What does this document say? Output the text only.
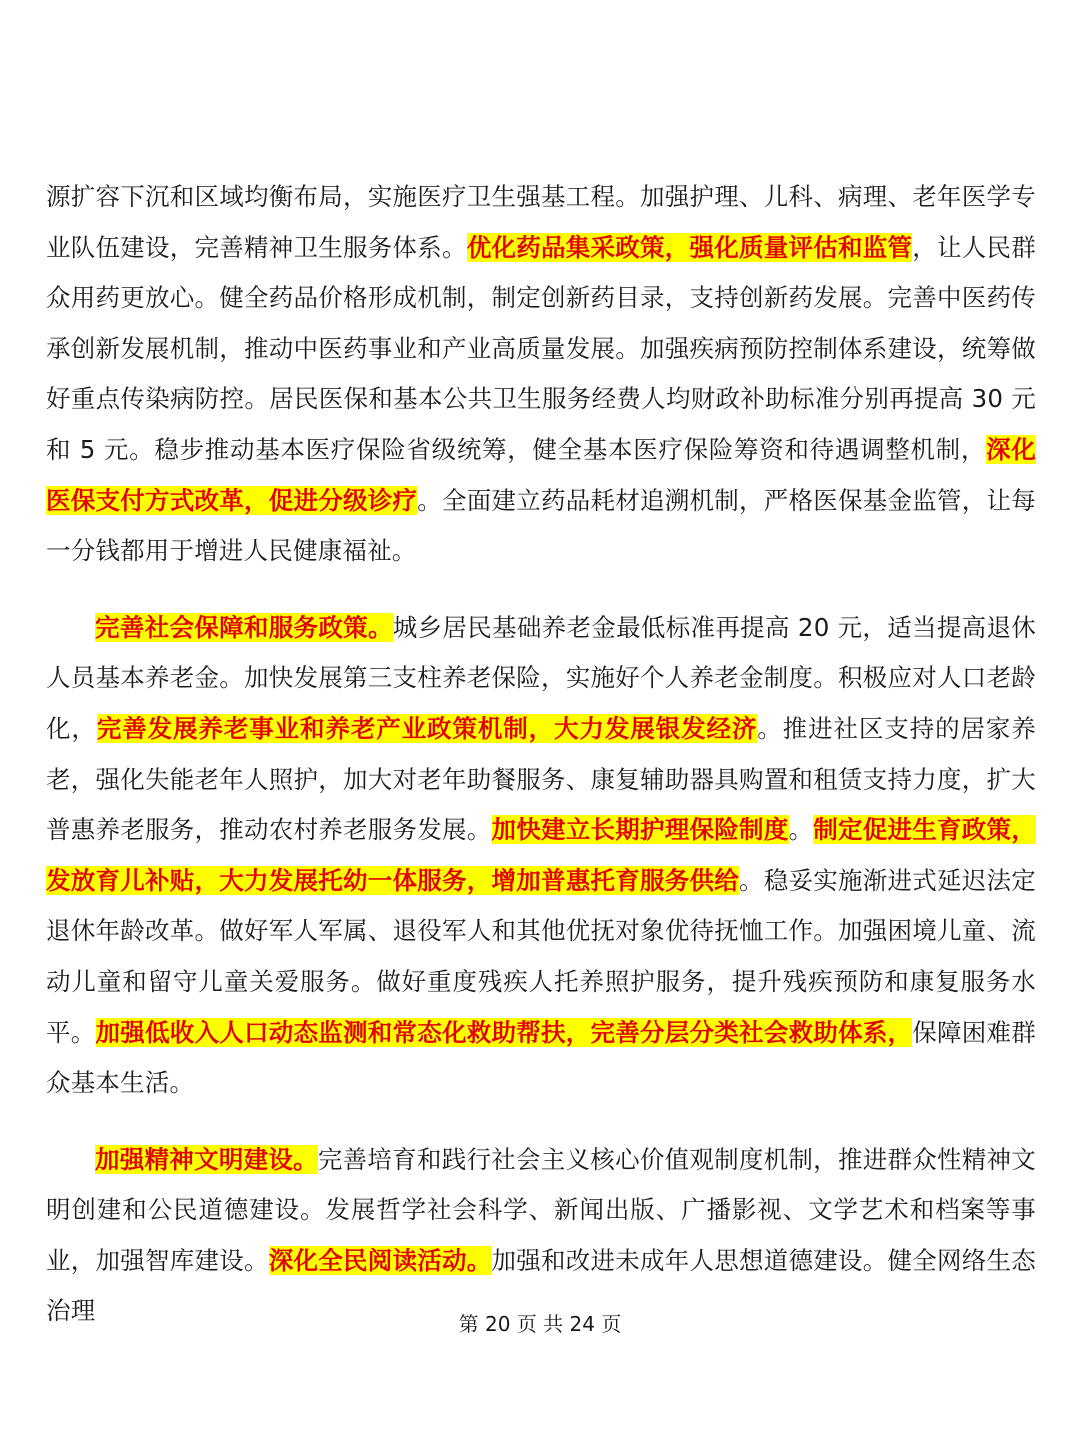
源扩容下沉和区域均衡布局，实施医疗卫生强基工程。加强护理、儿科、病理、老年医学专业队伍建设，完善精神卫生服务体系。优化药品集采政策，强化质量评估和监管，让人民群众用药更放心。健全药品价格形成机制，制定创新药目录，支持创新药发展。完善中医药传承创新发展机制，推动中医药事业和产业高质量发展。加强疾病预防控制体系建设，统筹做好重点传染病防控。居民医保和基本公共卫生服务经费人均财政补助标准分别再提高 30 元和 5 元。稳步推动基本医疗保险省级统筹，健全基本医疗保险筹资和待遇调整机制，深化医保支付方式改革，促进分级诊疗。全面建立药品耗材追溯机制，严格医保基金监管，让每一分钱都用于增进人民健康福祉。

完善社会保障和服务政策。城乡居民基础养老金最低标准再提高 20 元，适当提高退休人员基本养老金。加快发展第三支柱养老保险，实施好个人养老金制度。积极应对人口老龄化，完善发展养老事业和养老产业政策机制，大力发展银发经济。推进社区支持的居家养老，强化失能老年人照护，加大对老年助餐服务、康复辅助器具购置和租赁支持力度，扩大普惠养老服务，推动农村养老服务发展。加快建立长期护理保险制度。制定促进生育政策，发放育儿补贴，大力发展托幼一体服务，增加普惠托育服务供给。稳妥实施渐进式延迟法定退休年龄改革。做好军人军属、退役军人和其他优抚对象优待抚恤工作。加强困境儿童、流动儿童和留守儿童关爱服务。做好重度残疾人托养照护服务，提升残疾预防和康复服务水平。加强低收入人口动态监测和常态化救助帮扶，完善分层分类社会救助体系，保障困难群众基本生活。

加强精神文明建设。完善培育和践行社会主义核心价值观制度机制，推进群众性精神文明创建和公民道德建设。发展哲学社会科学、新闻出版、广播影视、文学艺术和档案等事业，加强智库建设。深化全民阅读活动。加强和改进未成年人思想道德建设。健全网络生态治理	第 20 页 共 24 页
